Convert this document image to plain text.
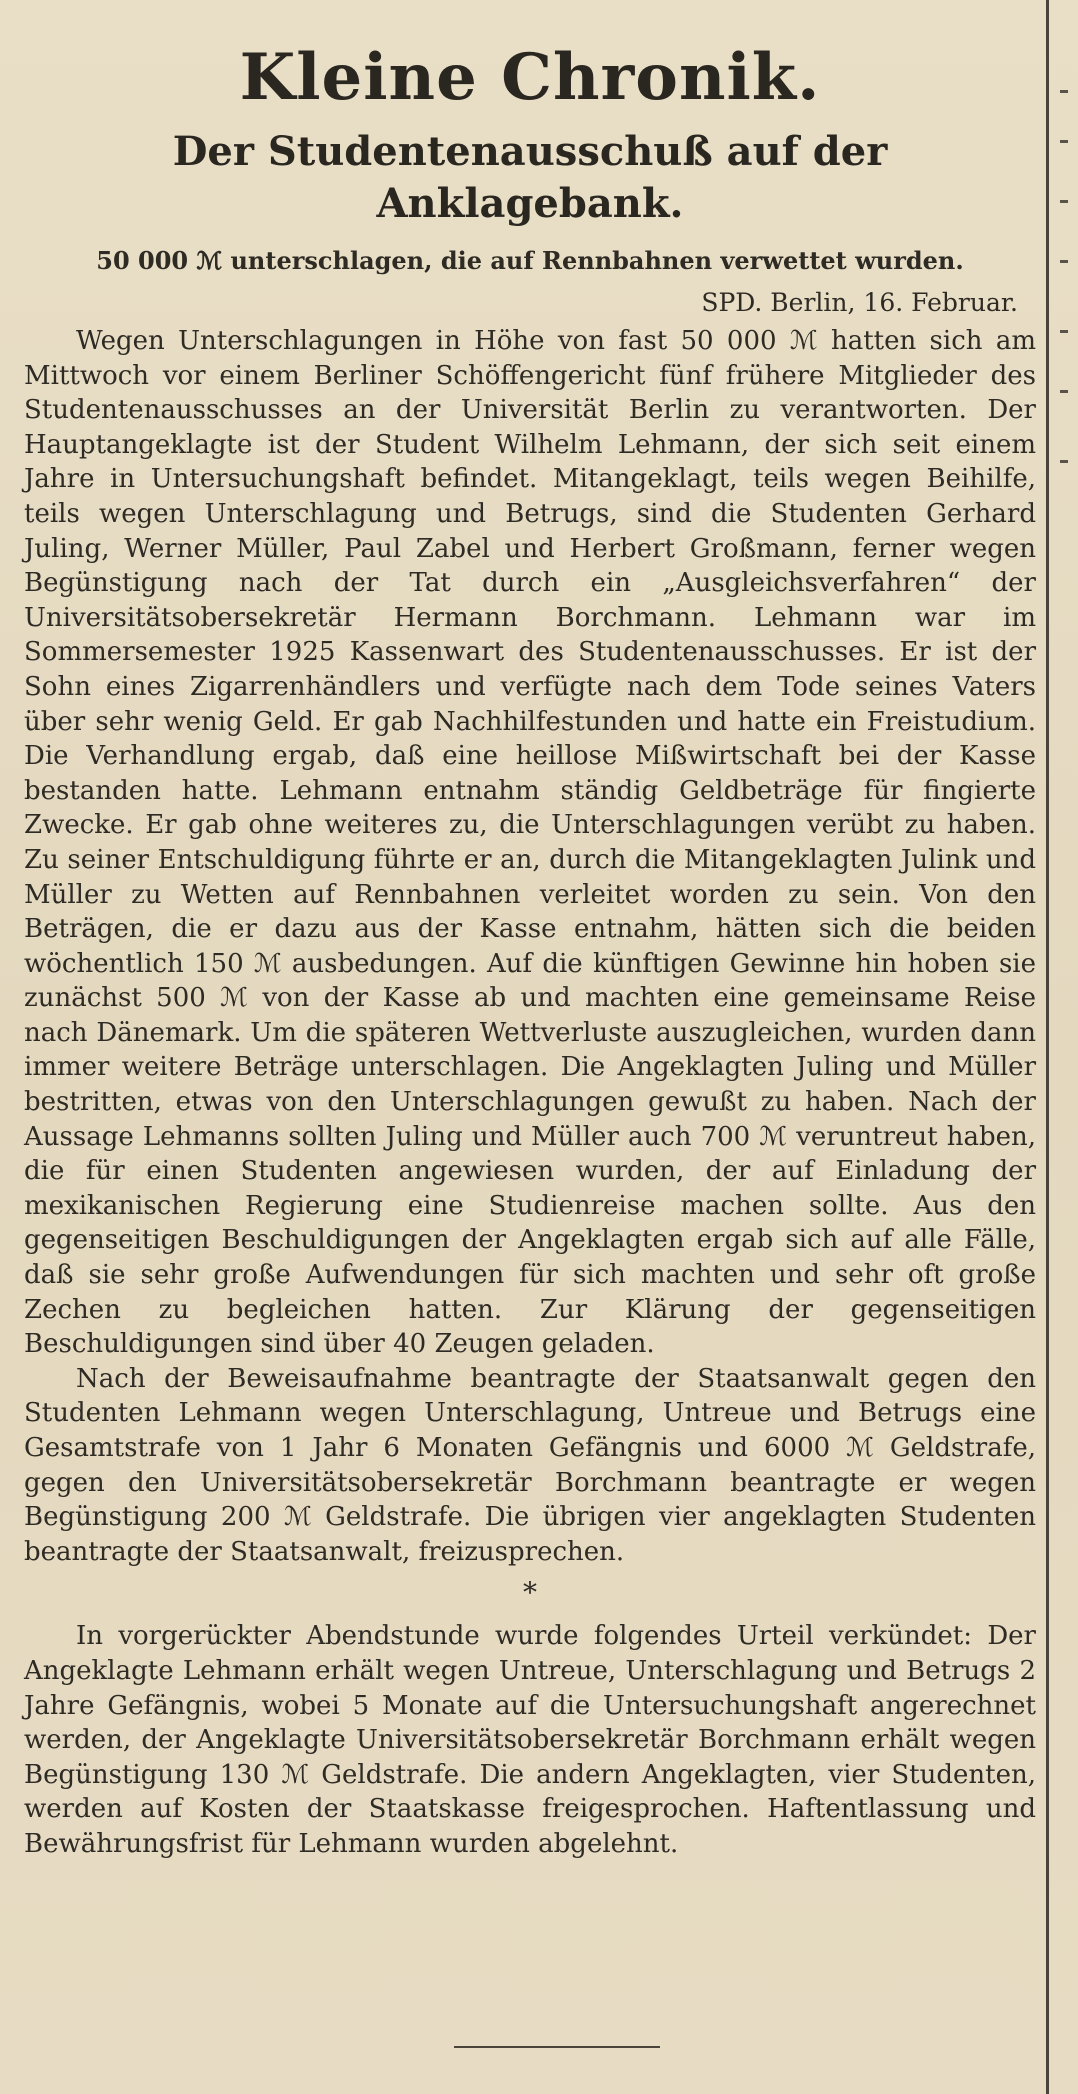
Kleine Chronik.
Der Studentenausschuß auf der Anklagebank.
50 000 ℳ unterschlagen, die auf Rennbahnen verwettet wurden.
SPD. Berlin, 16. Februar.

Wegen Unterschlagungen in Höhe von fast 50 000 ℳ hatten sich am Mittwoch vor einem Berliner Schöffengericht fünf frühere Mitglieder des Studentenausschusses an der Universität Berlin zu verantworten. Der Hauptangeklagte ist der Student Wilhelm Lehmann, der sich seit einem Jahre in Untersuchungshaft befindet. Mitangeklagt, teils wegen Beihilfe, teils wegen Unterschlagung und Betrugs, sind die Studenten Gerhard Juling, Werner Müller, Paul Zabel und Herbert Großmann, ferner wegen Begünstigung nach der Tat durch ein „Ausgleichsverfahren“ der Universitätsobersekretär Hermann Borchmann. Lehmann war im Sommersemester 1925 Kassenwart des Studentenausschusses. Er ist der Sohn eines Zigarrenhändlers und verfügte nach dem Tode seines Vaters über sehr wenig Geld. Er gab Nachhilfestunden und hatte ein Freistudium. Die Verhandlung ergab, daß eine heillose Mißwirtschaft bei der Kasse bestanden hatte. Lehmann entnahm ständig Geldbeträge für fingierte Zwecke. Er gab ohne weiteres zu, die Unterschlagungen verübt zu haben. Zu seiner Entschuldigung führte er an, durch die Mitangeklagten Julink und Müller zu Wetten auf Rennbahnen verleitet worden zu sein. Von den Beträgen, die er dazu aus der Kasse entnahm, hätten sich die beiden wöchentlich 150 ℳ ausbedungen. Auf die künftigen Gewinne hin hoben sie zunächst 500 ℳ von der Kasse ab und machten eine gemeinsame Reise nach Dänemark. Um die späteren Wettverluste auszugleichen, wurden dann immer weitere Beträge unterschlagen. Die Angeklagten Juling und Müller bestritten, etwas von den Unterschlagungen gewußt zu haben. Nach der Aussage Lehmanns sollten Juling und Müller auch 700 ℳ veruntreut haben, die für einen Studenten angewiesen wurden, der auf Einladung der mexikanischen Regierung eine Studienreise machen sollte. Aus den gegenseitigen Beschuldigungen der Angeklagten ergab sich auf alle Fälle, daß sie sehr große Aufwendungen für sich machten und sehr oft große Zechen zu begleichen hatten. Zur Klärung der gegenseitigen Beschuldigungen sind über 40 Zeugen geladen.

Nach der Beweisaufnahme beantragte der Staatsanwalt gegen den Studenten Lehmann wegen Unterschlagung, Untreue und Betrugs eine Gesamtstrafe von 1 Jahr 6 Monaten Gefängnis und 6000 ℳ Geldstrafe, gegen den Universitätsobersekretär Borchmann beantragte er wegen Begünstigung 200 ℳ Geldstrafe. Die übrigen vier angeklagten Studenten beantragte der Staatsanwalt, freizusprechen.

*

In vorgerückter Abendstunde wurde folgendes Urteil verkündet: Der Angeklagte Lehmann erhält wegen Untreue, Unterschlagung und Betrugs 2 Jahre Gefängnis, wobei 5 Monate auf die Untersuchungshaft angerechnet werden, der Angeklagte Universitätsobersekretär Borchmann erhält wegen Begünstigung 130 ℳ Geldstrafe. Die andern Angeklagten, vier Studenten, werden auf Kosten der Staatskasse freigesprochen. Haftentlassung und Bewährungsfrist für Lehmann wurden abgelehnt.
